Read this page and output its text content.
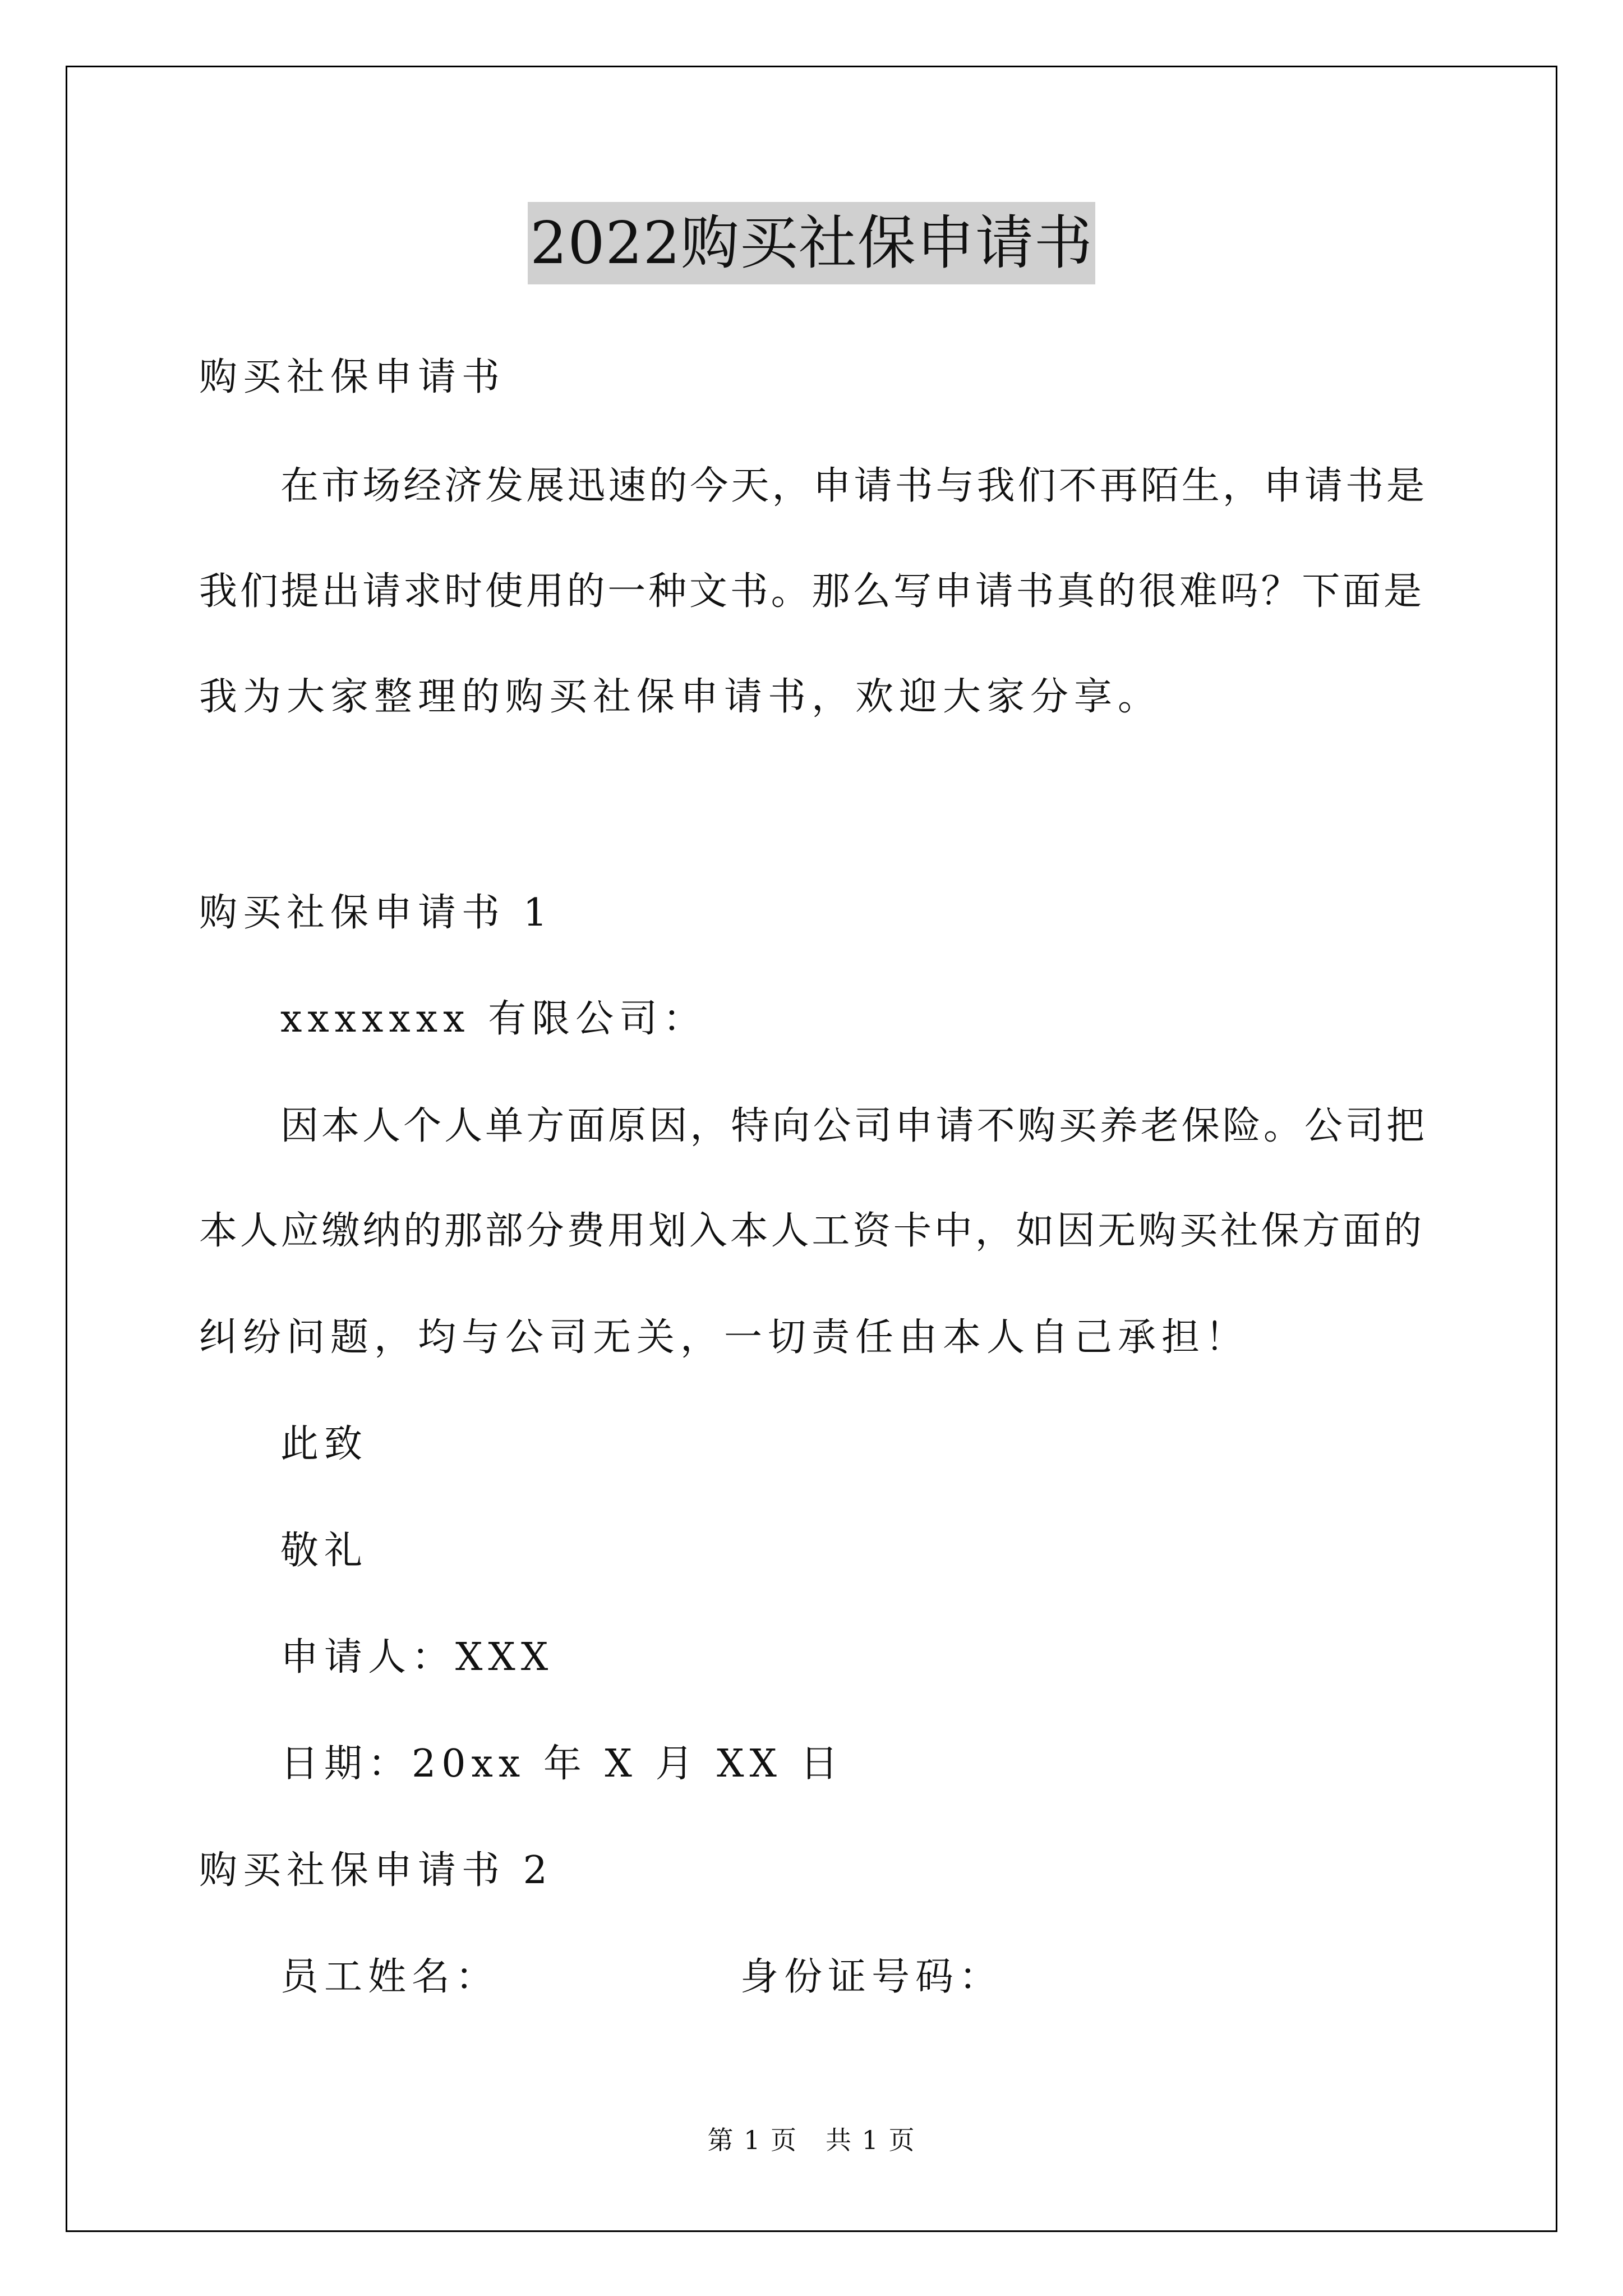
2022购买社保申请书
购买社保申请书
在市场经济发展迅速的今天，申请书与我们不再陌生，申请书是
我们提出请求时使用的一种文书。那么写申请书真的很难吗？下面是
我为大家整理的购买社保申请书，欢迎大家分享。
购买社保申请书 1
xxxxxxx 有限公司：
因本人个人单方面原因，特向公司申请不购买养老保险。公司把
本人应缴纳的那部分费用划入本人工资卡中，如因无购买社保方面的
纠纷问题，均与公司无关，一切责任由本人自己承担！
此致
敬礼
申请人：XXX
日期：20xx 年 X 月 XX 日
购买社保申请书 2
员工姓名：	身份证号码：
第 1 页 共 1 页
